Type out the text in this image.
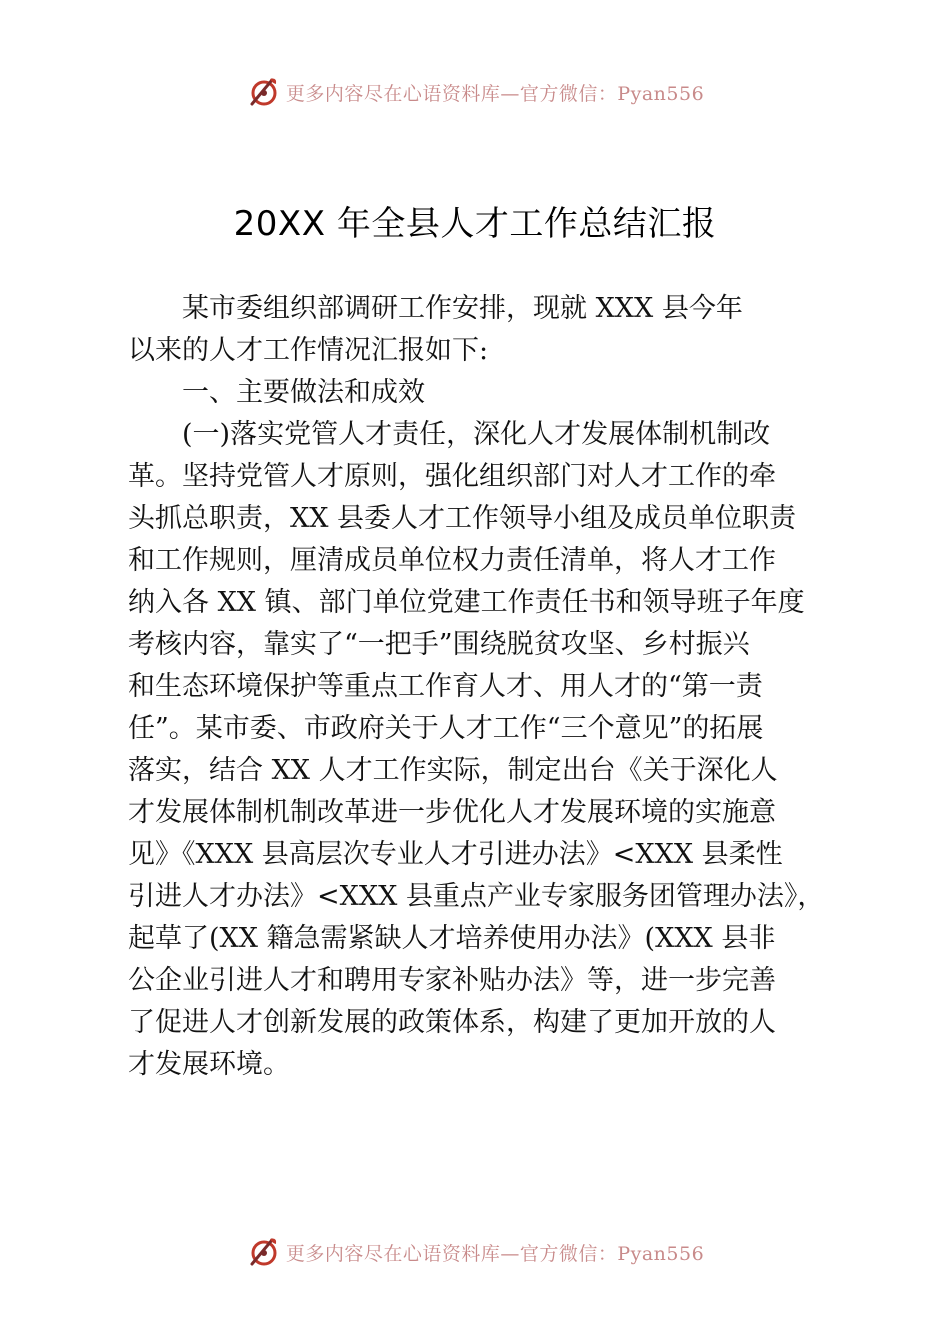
更多内容尽在心语资料库—官方微信：Pyan556
20XX 年全县人才工作总结汇报
　　某市委组织部调研工作安排，现就 XXX 县今年
以来的人才工作情况汇报如下:
　　一、主要做法和成效
　　(一)落实党管人才责任，深化人才发展体制机制改
革。坚持党管人才原则，强化组织部门对人才工作的牵
头抓总职责，XX 县委人才工作领导小组及成员单位职责
和工作规则，厘清成员单位权力责任清单，将人才工作
纳入各 XX 镇、部门单位党建工作责任书和领导班子年度
考核内容，靠实了“一把手”围绕脱贫攻坚、乡村振兴
和生态环境保护等重点工作育人才、用人才的“第一责
任”。某市委、市政府关于人才工作“三个意见”的拓展
落实，结合 XX 人才工作实际，制定出台《关于深化人
才发展体制机制改革进一步优化人才发展环境的实施意
见》《XXX 县高层次专业人才引进办法》<XXX 县柔性
引进人才办法》<XXX 县重点产业专家服务团管理办法》，
起草了(XX 籍急需紧缺人才培养使用办法》(XXX 县非
公企业引进人才和聘用专家补贴办法》等，进一步完善
了促进人才创新发展的政策体系，构建了更加开放的人
才发展环境。
更多内容尽在心语资料库—官方微信：Pyan556
